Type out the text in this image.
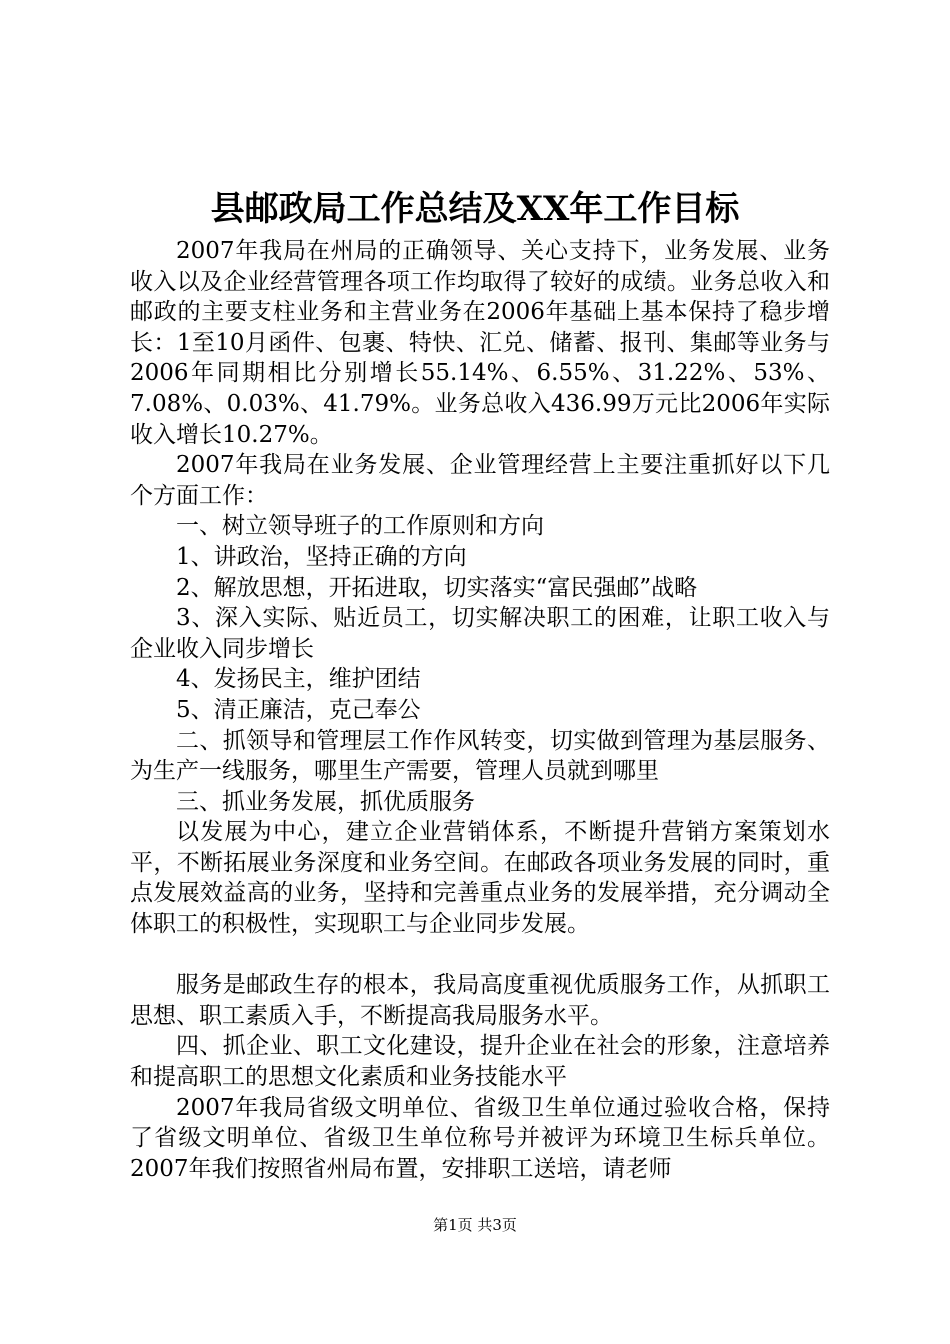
县邮政局工作总结及XX年工作目标

2007年我局在州局的正确领导、关心支持下，业务发展、业务收入以及企业经营管理各项工作均取得了较好的成绩。业务总收入和邮政的主要支柱业务和主营业务在2006年基础上基本保持了稳步增长：1至10月函件、包裹、特快、汇兑、储蓄、报刊、集邮等业务与2006年同期相比分别增长55.14%、6.55%、31.22%、53%、7.08%、0.03%、41.79%。业务总收入436.99万元比2006年实际收入增长10.27%。

2007年我局在业务发展、企业管理经营上主要注重抓好以下几个方面工作：

一、树立领导班子的工作原则和方向

1、讲政治，坚持正确的方向

2、解放思想，开拓进取，切实落实“富民强邮”战略

3、深入实际、贴近员工，切实解决职工的困难，让职工收入与企业收入同步增长

4、发扬民主，维护团结

5、清正廉洁，克己奉公

二、抓领导和管理层工作作风转变，切实做到管理为基层服务、为生产一线服务，哪里生产需要，管理人员就到哪里

三、抓业务发展，抓优质服务

以发展为中心，建立企业营销体系，不断提升营销方案策划水平，不断拓展业务深度和业务空间。在邮政各项业务发展的同时，重点发展效益高的业务，坚持和完善重点业务的发展举措，充分调动全体职工的积极性，实现职工与企业同步发展。

服务是邮政生存的根本，我局高度重视优质服务工作，从抓职工思想、职工素质入手，不断提高我局服务水平。

四、抓企业、职工文化建设，提升企业在社会的形象，注意培养和提高职工的思想文化素质和业务技能水平

2007年我局省级文明单位、省级卫生单位通过验收合格，保持了省级文明单位、省级卫生单位称号并被评为环境卫生标兵单位。2007年我们按照省州局布置，安排职工送培，请老师

第1页 共3页
